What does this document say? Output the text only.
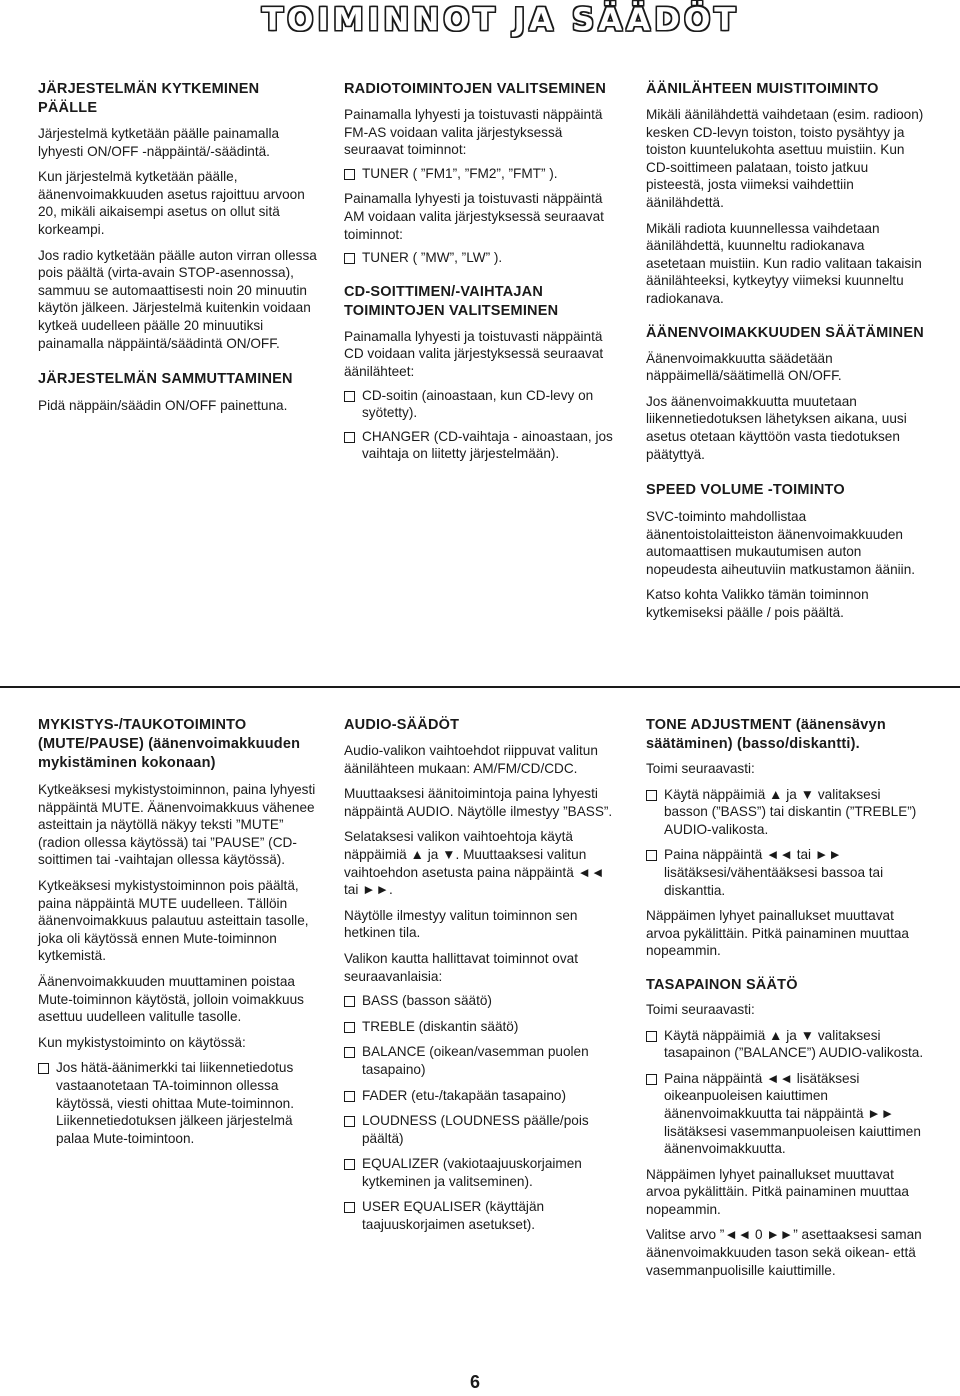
TOIMINNOT JA SÄÄDÖT
JÄRJESTELMÄN KYTKEMINEN PÄÄLLE

Järjestelmä kytketään päälle painamalla lyhyesti ON/OFF -näppäintä/-säädintä.

Kun järjestelmä kytketään päälle, äänenvoimakkuuden asetus rajoittuu arvoon 20, mikäli aikaisempi asetus on ollut sitä korkeampi.

Jos radio kytketään päälle auton virran ollessa pois päältä (virta-avain STOP-asennossa), sammuu se automaattisesti noin 20 minuutin käytön jälkeen. Järjestelmä kuitenkin voidaan kytkeä uudelleen päälle 20 minuutiksi painamalla näppäintä/säädintä ON/OFF.

JÄRJESTELMÄN SAMMUTTAMINEN

Pidä näppäin/säädin ON/OFF painettuna.

RADIOTOIMINTOJEN VALITSEMINEN

Painamalla lyhyesti ja toistuvasti näppäintä FM-AS voidaan valita järjestyksessä seuraavat toiminnot:

TUNER ( ”FM1”, ”FM2”, ”FMT” ).

Painamalla lyhyesti ja toistuvasti näppäintä AM voidaan valita järjestyksessä seuraavat toiminnot:

TUNER ( ”MW”, ”LW” ).
CD-SOITTIMEN/-VAIHTAJAN TOIMINTOJEN VALITSEMINEN

Painamalla lyhyesti ja toistuvasti näppäintä CD voidaan valita järjestyksessä seuraavat äänilähteet:

CD-soitin (ainoastaan, kun CD-levy on syötetty).
CHANGER (CD-vaihtaja - ainoastaan, jos vaihtaja on liitetty järjestelmään).
ÄÄNILÄHTEEN MUISTITOIMINTO

Mikäli äänilähdettä vaihdetaan (esim. radioon) kesken CD-levyn toiston, toisto pysähtyy ja toiston kuuntelukohta asettuu muistiin. Kun CD-soittimeen palataan, toisto jatkuu pisteestä, josta viimeksi vaihdettiin äänilähdettä.

Mikäli radiota kuunnellessa vaihdetaan äänilähdettä, kuunneltu radiokanava asetetaan muistiin. Kun radio valitaan takaisin äänilähteeksi, kytkeytyy viimeksi kuunneltu radiokanava.

ÄÄNENVOIMAKKUUDEN SÄÄTÄMINEN

Äänenvoimakkuutta säädetään näppäimellä/säätimellä ON/OFF.

Jos äänenvoimakkuutta muutetaan liikennetiedotuksen lähetyksen aikana, uusi asetus otetaan käyttöön vasta tiedotuksen päätyttyä.

SPEED VOLUME -TOIMINTO

SVC-toiminto mahdollistaa äänentoistolaitteiston äänenvoimakkuuden automaattisen mukautumisen auton nopeudesta aiheutuviin matkustamon ääniin.

Katso kohta Valikko tämän toiminnon kytkemiseksi päälle / pois päältä.

MYKISTYS-/TAUKOTOIMINTO (MUTE/PAUSE) (äänenvoimakkuuden mykistäminen kokonaan)

Kytkeäksesi mykistystoiminnon, paina lyhyesti näppäintä MUTE. Äänenvoimakkuus vähenee asteittain ja näytöllä näkyy teksti ”MUTE” (radion ollessa käytössä) tai ”PAUSE” (CD-soittimen tai -vaihtajan ollessa käytössä).

Kytkeäksesi mykistystoiminnon pois päältä, paina näppäintä MUTE uudelleen. Tällöin äänenvoimakkuus palautuu asteittain tasolle, joka oli käytössä ennen Mute-toiminnon kytkemistä.

Äänenvoimakkuuden muuttaminen poistaa Mute-toiminnon käytöstä, jolloin voimakkuus asettuu uudelleen valitulle tasolle.

Kun mykistystoiminto on käytössä:

Jos hätä-äänimerkki tai liikennetiedotus vastaanotetaan TA-toiminnon ollessa käytössä, viesti ohittaa Mute-toiminnon. Liikennetiedotuksen jälkeen järjestelmä palaa Mute-toimintoon.
AUDIO-SÄÄDÖT

Audio-valikon vaihtoehdot riippuvat valitun äänilähteen mukaan: AM/FM/CD/CDC.

Muuttaaksesi äänitoimintoja paina lyhyesti näppäintä AUDIO. Näytölle ilmestyy ”BASS”.

Selataksesi valikon vaihtoehtoja käytä näppäimiä ▲ ja ▼. Muuttaaksesi valitun vaihtoehdon asetusta paina näppäintä ◄◄ tai ►►.

Näytölle ilmestyy valitun toiminnon sen hetkinen tila.

Valikon kautta hallittavat toiminnot ovat seuraavanlaisia:

BASS (basson säätö)
TREBLE (diskantin säätö)
BALANCE (oikean/vasemman puolen tasapaino)
FADER (etu-/takapään tasapaino)
LOUDNESS (LOUDNESS päälle/pois päältä)
EQUALIZER (vakiotaajuuskorjaimen kytkeminen ja valitseminen).
USER EQUALISER (käyttäjän taajuuskorjaimen asetukset).
TONE ADJUSTMENT (äänensävyn säätäminen) (basso/diskantti).

Toimi seuraavasti:

Käytä näppäimiä ▲ ja ▼ valitaksesi basson (”BASS”) tai diskantin (”TREBLE”) AUDIO-valikosta.
Paina näppäintä ◄◄ tai ►► lisätäksesi/vähentääksesi bassoa tai diskanttia.

Näppäimen lyhyet painallukset muuttavat arvoa pykälittäin. Pitkä painaminen muuttaa nopeammin.

TASAPAINON SÄÄTÖ

Toimi seuraavasti:

Käytä näppäimiä ▲ ja ▼ valitaksesi tasapainon (”BALANCE”) AUDIO-valikosta.
Paina näppäintä ◄◄ lisätäksesi oikeanpuoleisen kaiuttimen äänenvoimakkuutta tai näppäintä ►► lisätäksesi vasemmanpuoleisen kaiuttimen äänenvoimakkuutta.

Näppäimen lyhyet painallukset muuttavat arvoa pykälittäin. Pitkä painaminen muuttaa nopeammin.

Valitse arvo ”◄◄ 0 ►►” asettaaksesi saman äänenvoimakkuuden tason sekä oikean- että vasemmanpuolisille kaiuttimille.

6
